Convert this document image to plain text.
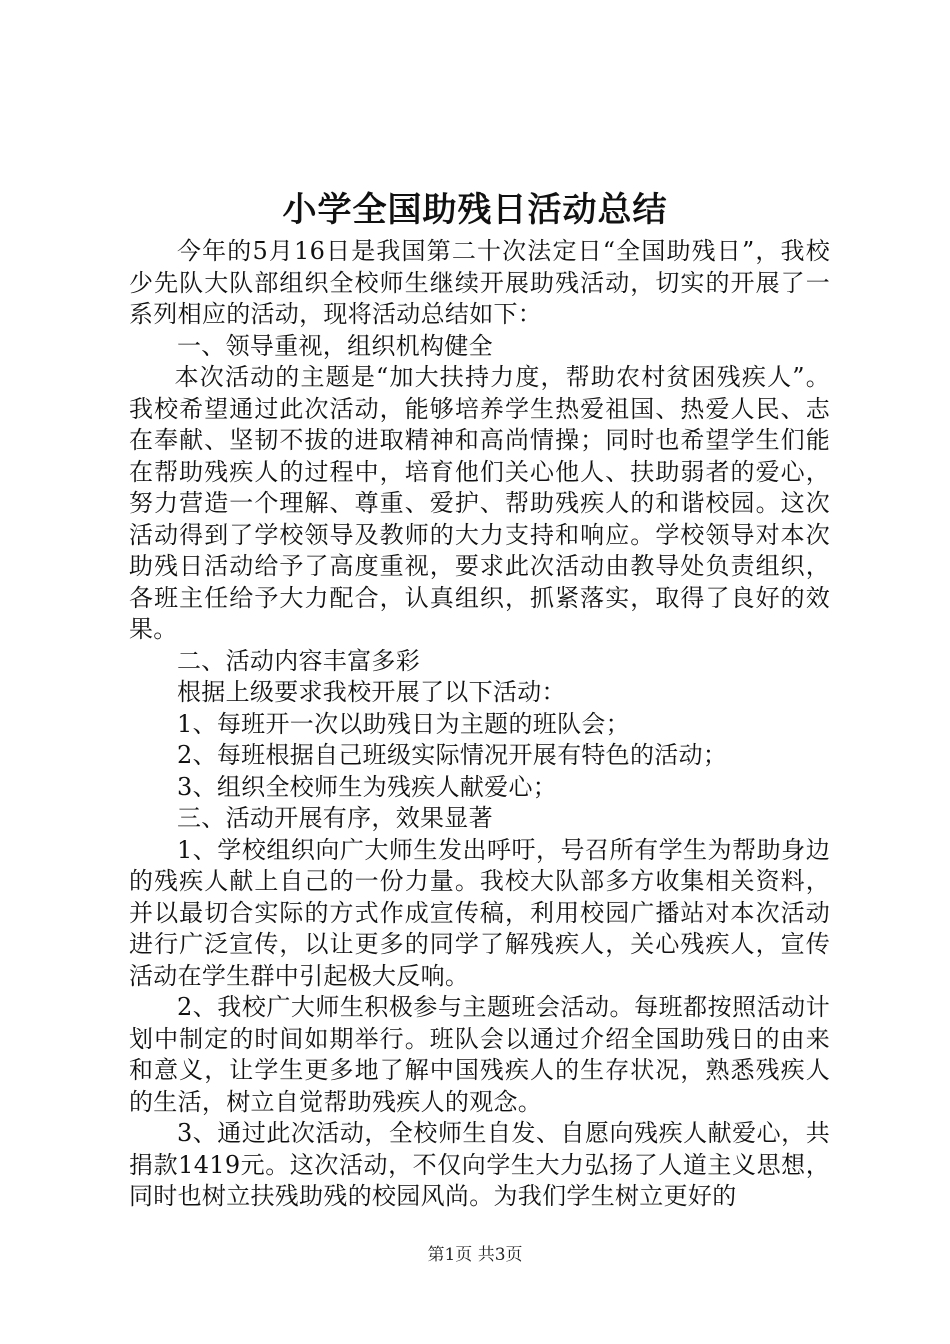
小学全国助残日活动总结

今年的5月16日是我国第二十次法定日“全国助残日”，我校少先队大队部组织全校师生继续开展助残活动，切实的开展了一系列相应的活动，现将活动总结如下：

一、领导重视，组织机构健全

本次活动的主题是“加大扶持力度，帮助农村贫困残疾人”。我校希望通过此次活动，能够培养学生热爱祖国、热爱人民、志在奉献、坚韧不拔的进取精神和高尚情操；同时也希望学生们能在帮助残疾人的过程中，培育他们关心他人、扶助弱者的爱心，努力营造一个理解、尊重、爱护、帮助残疾人的和谐校园。这次活动得到了学校领导及教师的大力支持和响应。学校领导对本次助残日活动给予了高度重视，要求此次活动由教导处负责组织，各班主任给予大力配合，认真组织，抓紧落实，取得了良好的效果。

二、活动内容丰富多彩

根据上级要求我校开展了以下活动：

1、每班开一次以助残日为主题的班队会；

2、每班根据自己班级实际情况开展有特色的活动；

3、组织全校师生为残疾人献爱心；

三、活动开展有序，效果显著

1、学校组织向广大师生发出呼吁，号召所有学生为帮助身边的残疾人献上自己的一份力量。我校大队部多方收集相关资料，并以最切合实际的方式作成宣传稿，利用校园广播站对本次活动进行广泛宣传，以让更多的同学了解残疾人，关心残疾人，宣传活动在学生群中引起极大反响。

2、我校广大师生积极参与主题班会活动。每班都按照活动计划中制定的时间如期举行。班队会以通过介绍全国助残日的由来和意义，让学生更多地了解中国残疾人的生存状况，熟悉残疾人的生活，树立自觉帮助残疾人的观念。

3、通过此次活动，全校师生自发、自愿向残疾人献爱心，共捐款1419元。这次活动，不仅向学生大力弘扬了人道主义思想，同时也树立扶残助残的校园风尚。为我们学生树立更好的

第1页 共3页
